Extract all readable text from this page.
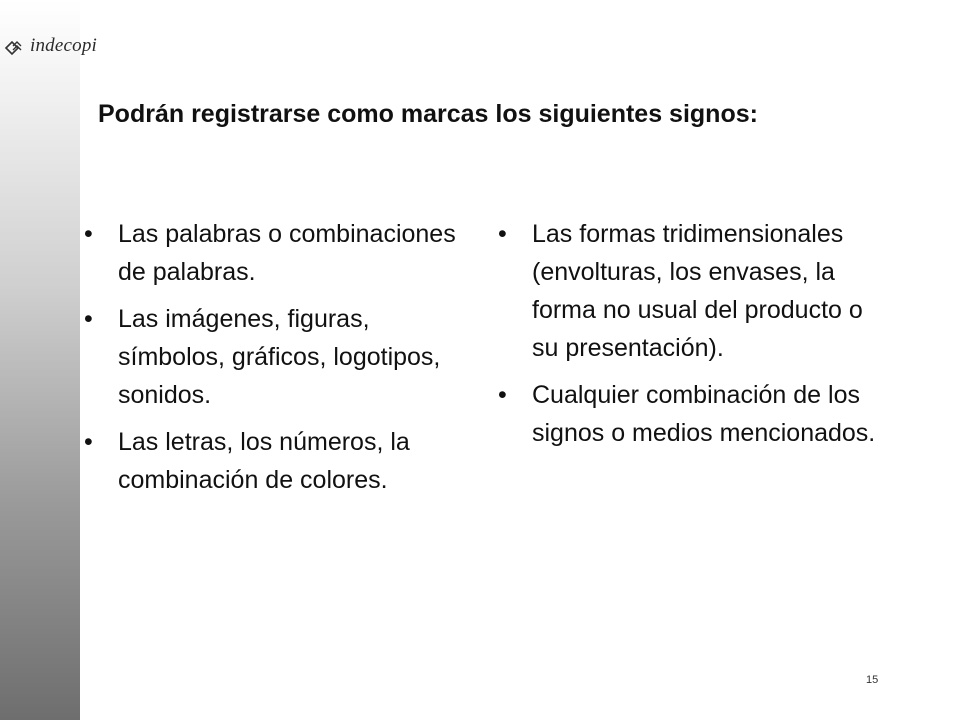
indecopi
Podrán registrarse como marcas los siguientes signos:
• Las palabras o combinaciones de palabras.
• Las imágenes, figuras, símbolos, gráficos, logotipos, sonidos.
• Las letras, los números, la combinación de colores.
• Las formas tridimensionales (envolturas, los envases, la forma no usual del producto o su presentación).
• Cualquier combinación de los signos o medios mencionados.
15
